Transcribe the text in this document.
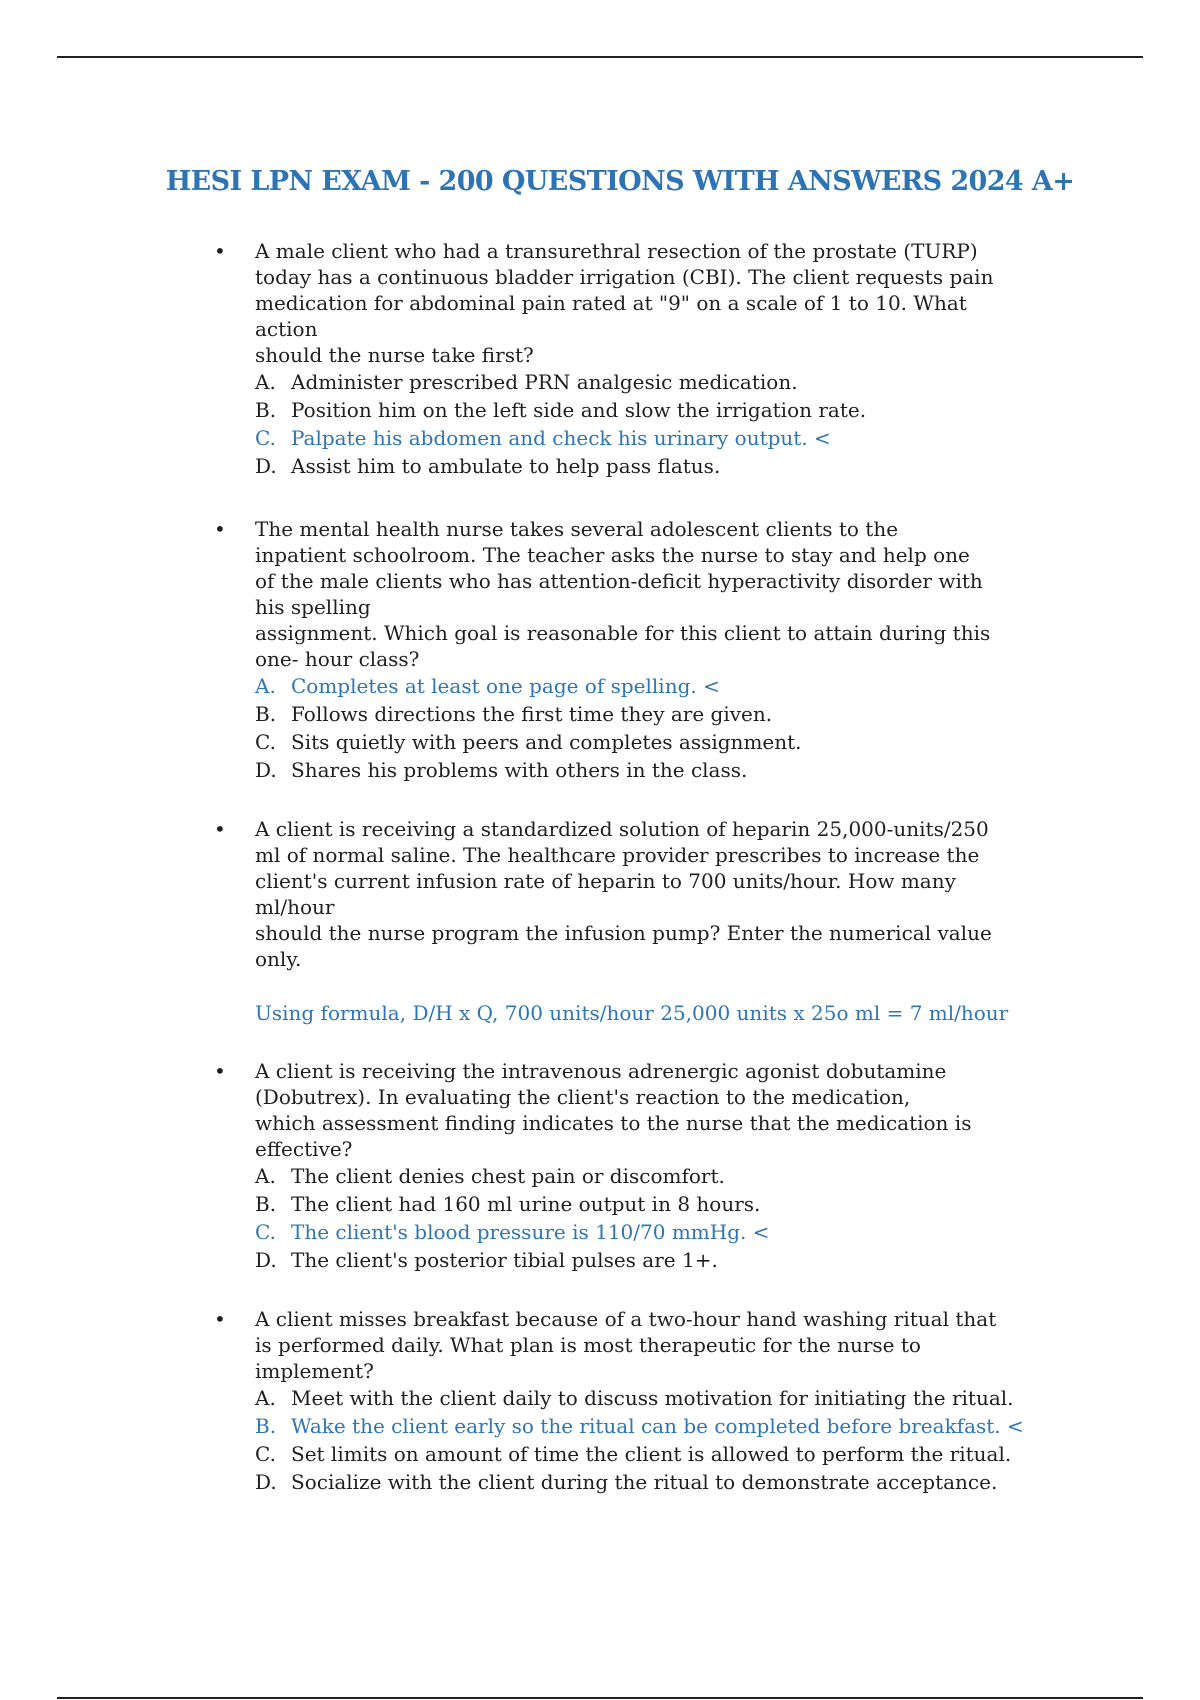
HESI LPN EXAM - 200 QUESTIONS WITH ANSWERS 2024 A+
• A male client who had a transurethral resection of the prostate (TURP)
today has a continuous bladder irrigation (CBI). The client requests pain
medication for abdominal pain rated at "9" on a scale of 1 to 10. What
action
should the nurse take first?
A. Administer prescribed PRN analgesic medication.
B. Position him on the left side and slow the irrigation rate.
C. Palpate his abdomen and check his urinary output. <
D. Assist him to ambulate to help pass flatus.
• The mental health nurse takes several adolescent clients to the
inpatient schoolroom. The teacher asks the nurse to stay and help one
of the male clients who has attention-deficit hyperactivity disorder with
his spelling
assignment. Which goal is reasonable for this client to attain during this
one- hour class?
A. Completes at least one page of spelling. <
B. Follows directions the first time they are given.
C. Sits quietly with peers and completes assignment.
D. Shares his problems with others in the class.
• A client is receiving a standardized solution of heparin 25,000-units/250
ml of normal saline. The healthcare provider prescribes to increase the
client's current infusion rate of heparin to 700 units/hour. How many
ml/hour
should the nurse program the infusion pump? Enter the numerical value
only.
Using formula, D/H x Q, 700 units/hour 25,000 units x 25o ml = 7 ml/hour
• A client is receiving the intravenous adrenergic agonist dobutamine
(Dobutrex). In evaluating the client's reaction to the medication,
which assessment finding indicates to the nurse that the medication is
effective?
A. The client denies chest pain or discomfort.
B. The client had 160 ml urine output in 8 hours.
C. The client's blood pressure is 110/70 mmHg. <
D. The client's posterior tibial pulses are 1+.
• A client misses breakfast because of a two-hour hand washing ritual that
is performed daily. What plan is most therapeutic for the nurse to
implement?
A. Meet with the client daily to discuss motivation for initiating the ritual.
B. Wake the client early so the ritual can be completed before breakfast. <
C. Set limits on amount of time the client is allowed to perform the ritual.
D. Socialize with the client during the ritual to demonstrate acceptance.
